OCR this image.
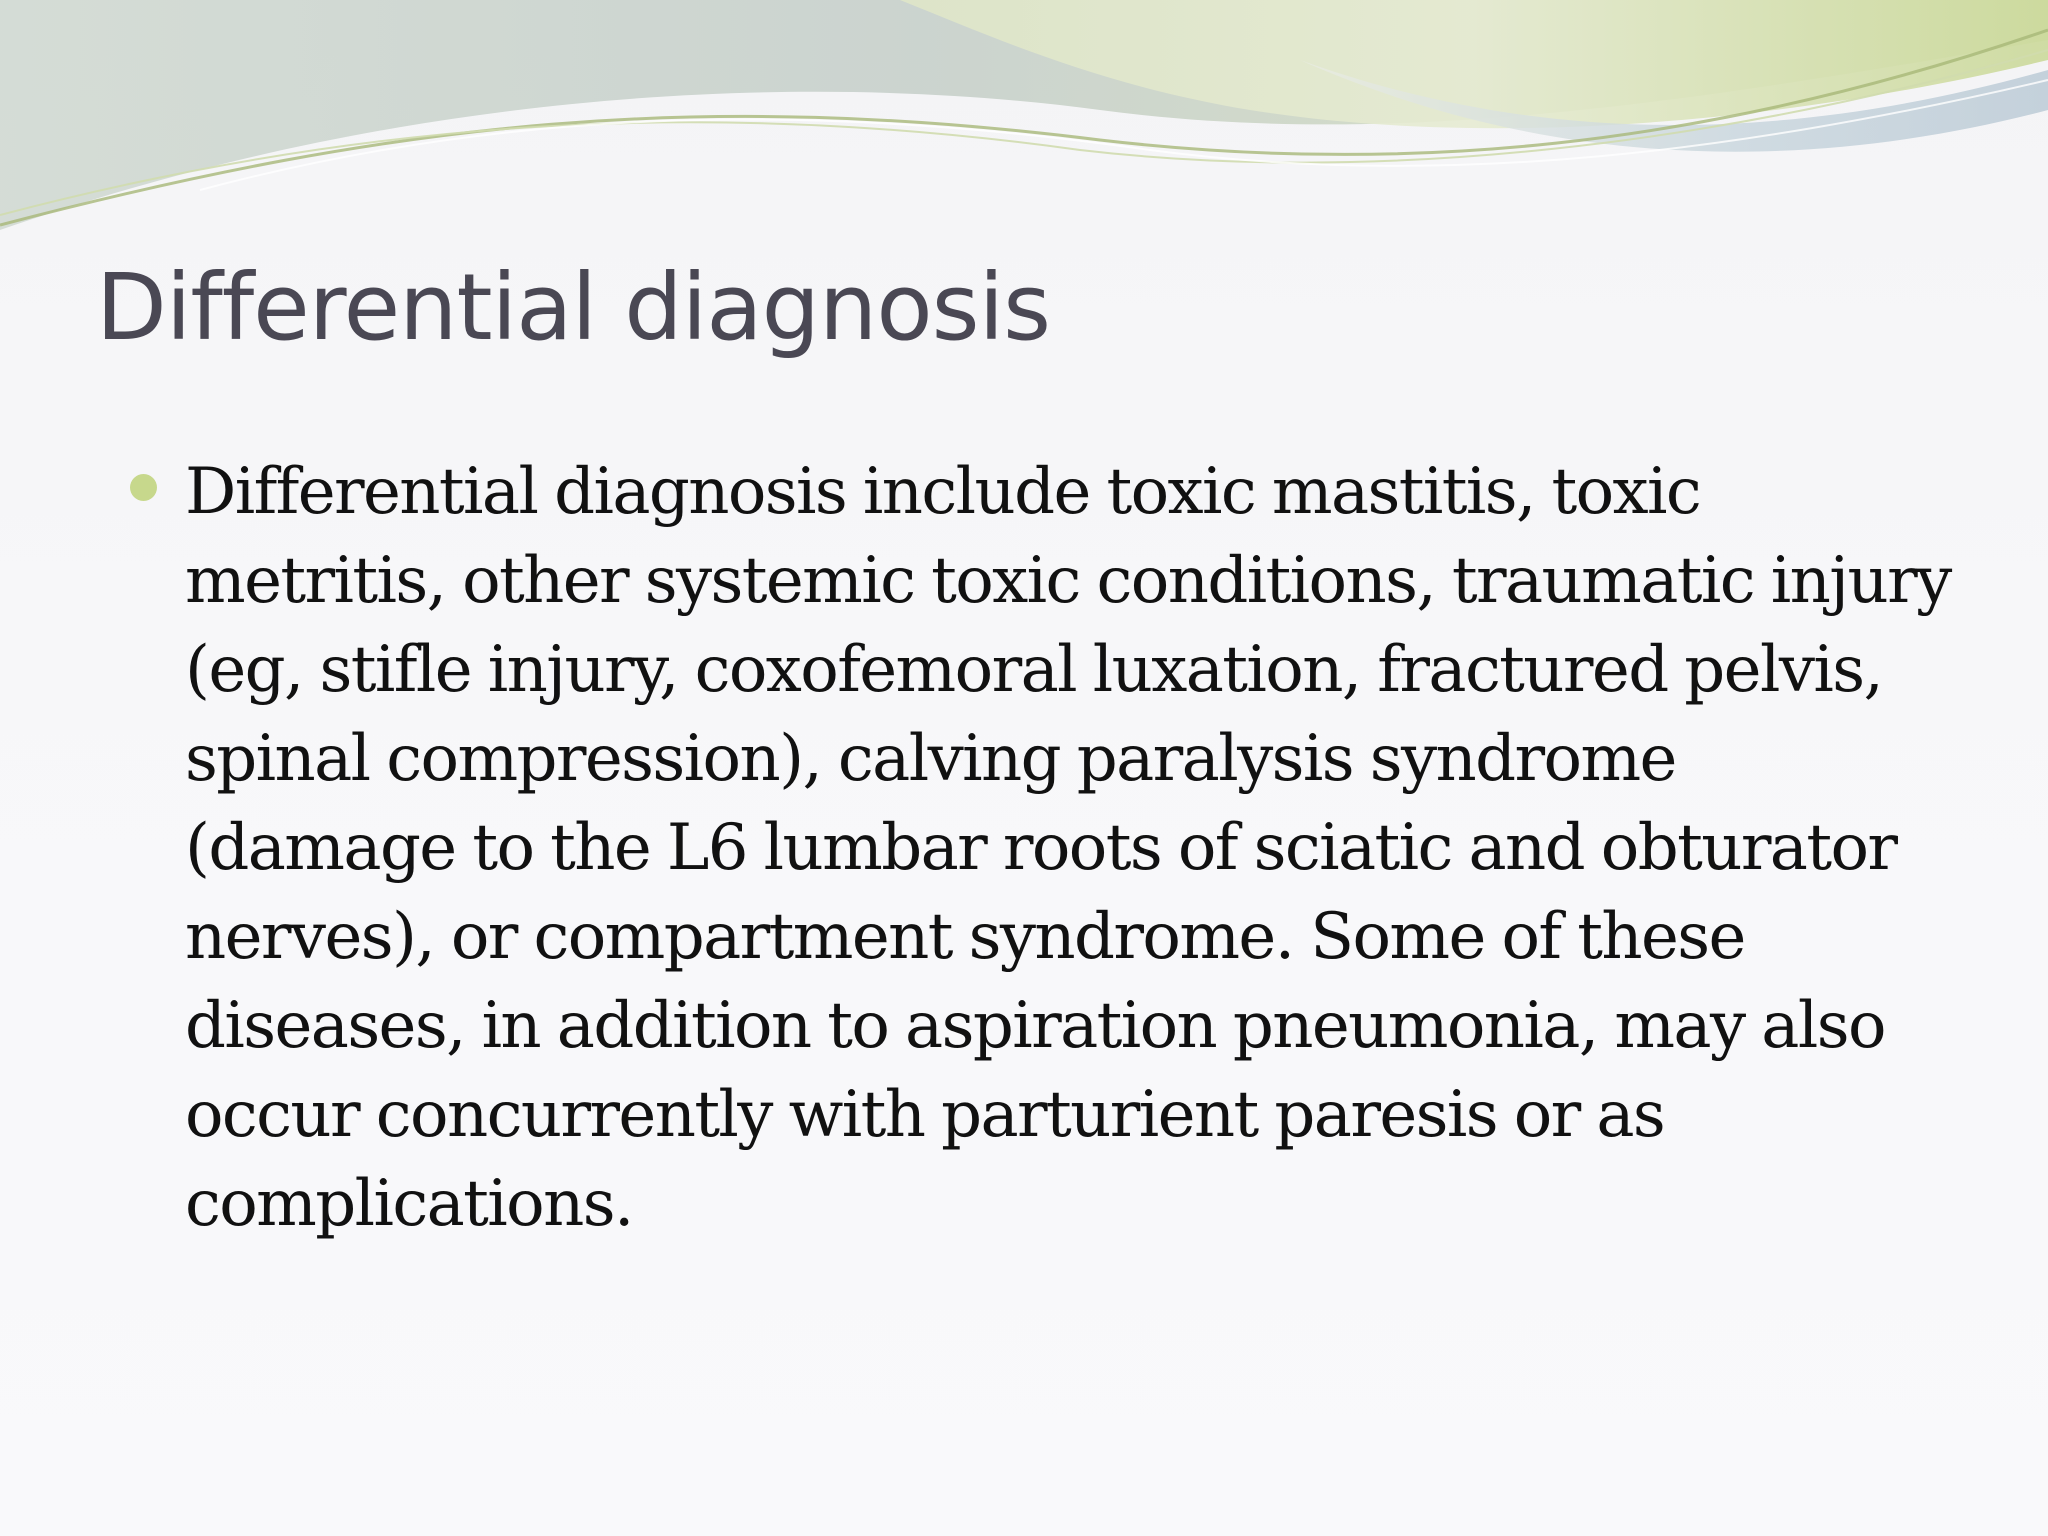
Differential diagnosis
Differential diagnosis include toxic mastitis, toxic metritis, other systemic toxic conditions, traumatic injury (eg, stifle injury, coxofemoral luxation, fractured pelvis, spinal compression), calving paralysis syndrome (damage to the L6 lumbar roots of sciatic and obturator nerves), or compartment syndrome. Some of these diseases, in addition to aspiration pneumonia, may also occur concurrently with parturient paresis or as complications.
